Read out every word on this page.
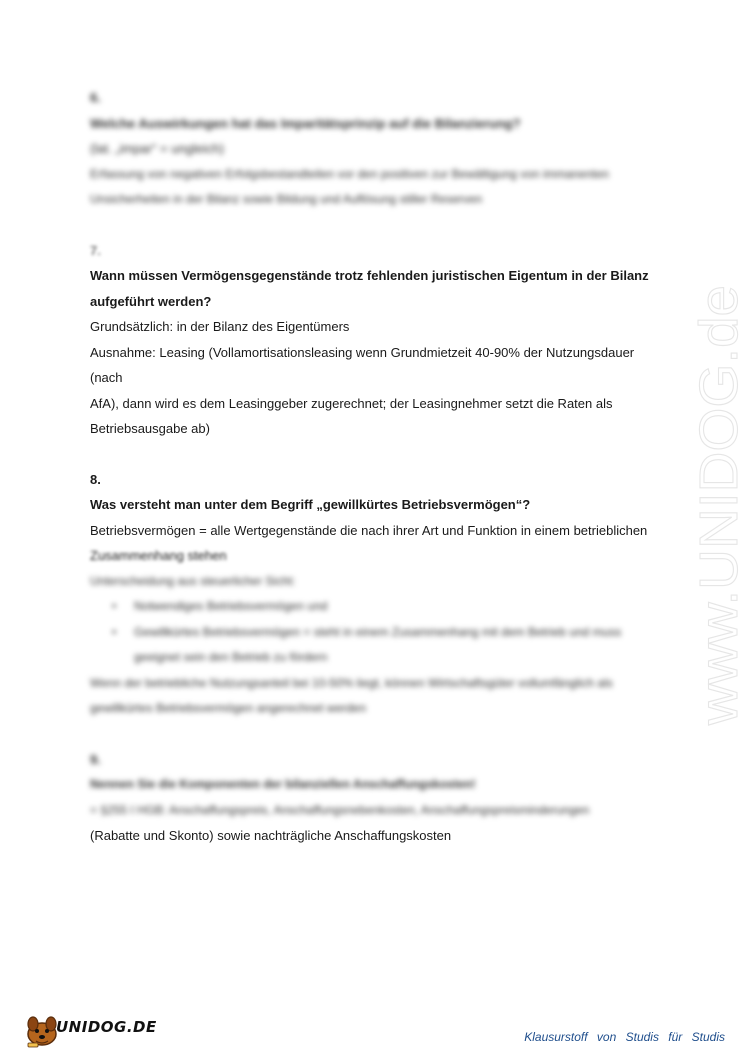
6.
Welche Auswirkungen hat das Imparitätsprinzip auf die Bilanzierung?
(lat. „impar“ = ungleich)
Erfassung von negativen Erfolgsbestandteilen vor den positiven zur Bewältigung von immanenten
Unsicherheiten in der Bilanz sowie Bildung und Auflösung stiller Reserven
7.
Wann müssen Vermögensgegenstände trotz fehlenden juristischen Eigentum in der Bilanz
aufgeführt werden?
Grundsätzlich: in der Bilanz des Eigentümers
Ausnahme: Leasing (Vollamortisationsleasing wenn Grundmietzeit 40-90% der Nutzungsdauer (nach
AfA), dann wird es dem Leasinggeber zugerechnet; der Leasingnehmer setzt die Raten als
Betriebsausgabe ab)
8.
Was versteht man unter dem Begriff „gewillkürtes Betriebsvermögen“?
Betriebsvermögen = alle Wertgegenstände die nach ihrer Art und Funktion in einem betrieblichen
Zusammenhang stehen
Unterscheidung aus steuerlicher Sicht:
• Notwendiges Betriebsvermögen und
• Gewillkürtes Betriebsvermögen = steht in einem Zusammenhang mit dem Betrieb und muss
geeignet sein den Betrieb zu fördern
Wenn der betriebliche Nutzungsanteil bei 10-50% liegt, können Wirtschaftsgüter vollumfänglich als
gewillkürtes Betriebsvermögen angerechnet werden
9.
Nennen Sie die Komponenten der bilanziellen Anschaffungskosten!
= §255 I HGB: Anschaffungspreis, Anschaffungsnebenkosten, Anschaffungspreisminderungen
(Rabatte und Skonto) sowie nachträgliche Anschaffungskosten
www.UNIDOG.de
UNIDOG.DE
Klausurstoff von Studis für Studis
